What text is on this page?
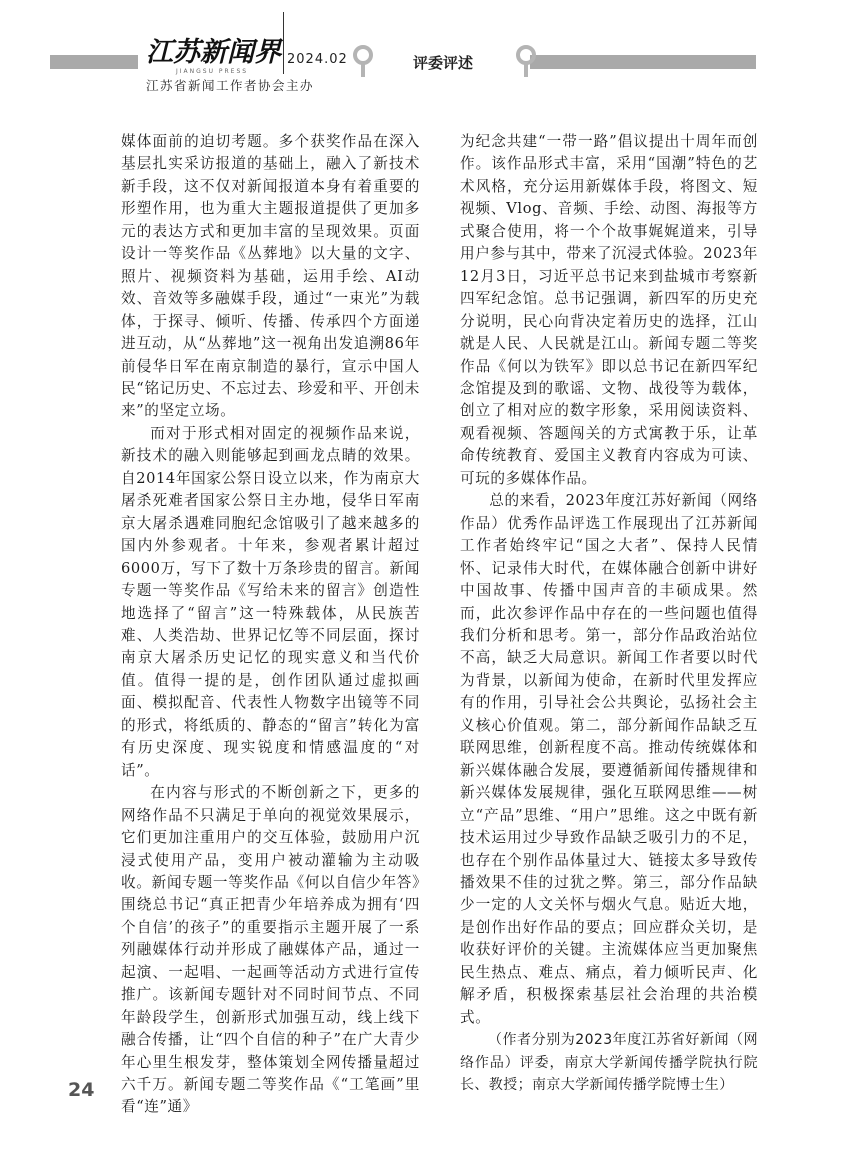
江苏新闻界
JIANGSU PRESS
2024.02
江苏省新闻工作者协会主办
评委评述

媒体面前的迫切考题。多个获奖作品在深入基层扎实采访报道的基础上，融入了新技术新手段，这不仅对新闻报道本身有着重要的形塑作用，也为重大主题报道提供了更加多元的表达方式和更加丰富的呈现效果。页面设计一等奖作品《丛葬地》以大量的文字、照片、视频资料为基础，运用手绘、AI动效、音效等多融媒手段，通过“一束光”为载体，于探寻、倾听、传播、传承四个方面递进互动，从“丛葬地”这一视角出发追溯86年前侵华日军在南京制造的暴行，宣示中国人民“铭记历史、不忘过去、珍爱和平、开创未来”的坚定立场。

而对于形式相对固定的视频作品来说，新技术的融入则能够起到画龙点睛的效果。自2014年国家公祭日设立以来，作为南京大屠杀死难者国家公祭日主办地，侵华日军南京大屠杀遇难同胞纪念馆吸引了越来越多的国内外参观者。十年来，参观者累计超过6000万，写下了数十万条珍贵的留言。新闻专题一等奖作品《写给未来的留言》创造性地选择了“留言”这一特殊载体，从民族苦难、人类浩劫、世界记忆等不同层面，探讨南京大屠杀历史记忆的现实意义和当代价值。值得一提的是，创作团队通过虚拟画面、模拟配音、代表性人物数字出镜等不同的形式，将纸质的、静态的“留言”转化为富有历史深度、现实锐度和情感温度的“对话”。

在内容与形式的不断创新之下，更多的网络作品不只满足于单向的视觉效果展示，它们更加注重用户的交互体验，鼓励用户沉浸式使用产品，变用户被动灌输为主动吸收。新闻专题一等奖作品《何以自信少年答》围绕总书记“真正把青少年培养成为拥有‘四个自信’的孩子”的重要指示主题开展了一系列融媒体行动并形成了融媒体产品，通过一起演、一起唱、一起画等活动方式进行宣传推广。该新闻专题针对不同时间节点、不同年龄段学生，创新形式加强互动，线上线下融合传播，让“四个自信的种子”在广大青少年心里生根发芽，整体策划全网传播量超过六千万。新闻专题二等奖作品《“工笔画”里看“连”通》

为纪念共建“一带一路”倡议提出十周年而创作。该作品形式丰富，采用“国潮”特色的艺术风格，充分运用新媒体手段，将图文、短视频、Vlog、音频、手绘、动图、海报等方式聚合使用，将一个个故事娓娓道来，引导用户参与其中，带来了沉浸式体验。2023年12月3日，习近平总书记来到盐城市考察新四军纪念馆。总书记强调，新四军的历史充分说明，民心向背决定着历史的选择，江山就是人民、人民就是江山。新闻专题二等奖作品《何以为铁军》即以总书记在新四军纪念馆提及到的歌谣、文物、战役等为载体，创立了相对应的数字形象，采用阅读资料、观看视频、答题闯关的方式寓教于乐，让革命传统教育、爱国主义教育内容成为可读、可玩的多媒体作品。

总的来看，2023年度江苏好新闻（网络作品）优秀作品评选工作展现出了江苏新闻工作者始终牢记“国之大者”、保持人民情怀、记录伟大时代，在媒体融合创新中讲好中国故事、传播中国声音的丰硕成果。然而，此次参评作品中存在的一些问题也值得我们分析和思考。第一，部分作品政治站位不高，缺乏大局意识。新闻工作者要以时代为背景，以新闻为使命，在新时代里发挥应有的作用，引导社会公共舆论，弘扬社会主义核心价值观。第二，部分新闻作品缺乏互联网思维，创新程度不高。推动传统媒体和新兴媒体融合发展，要遵循新闻传播规律和新兴媒体发展规律，强化互联网思维——树立“产品”思维、“用户”思维。这之中既有新技术运用过少导致作品缺乏吸引力的不足，也存在个别作品体量过大、链接太多导致传播效果不佳的过犹之弊。第三，部分作品缺少一定的人文关怀与烟火气息。贴近大地，是创作出好作品的要点；回应群众关切，是收获好评价的关键。主流媒体应当更加聚焦民生热点、难点、痛点，着力倾听民声、化解矛盾，积极探索基层社会治理的共治模式。

（作者分别为2023年度江苏省好新闻（网络作品）评委，南京大学新闻传播学院执行院长、教授；南京大学新闻传播学院博士生）

24
